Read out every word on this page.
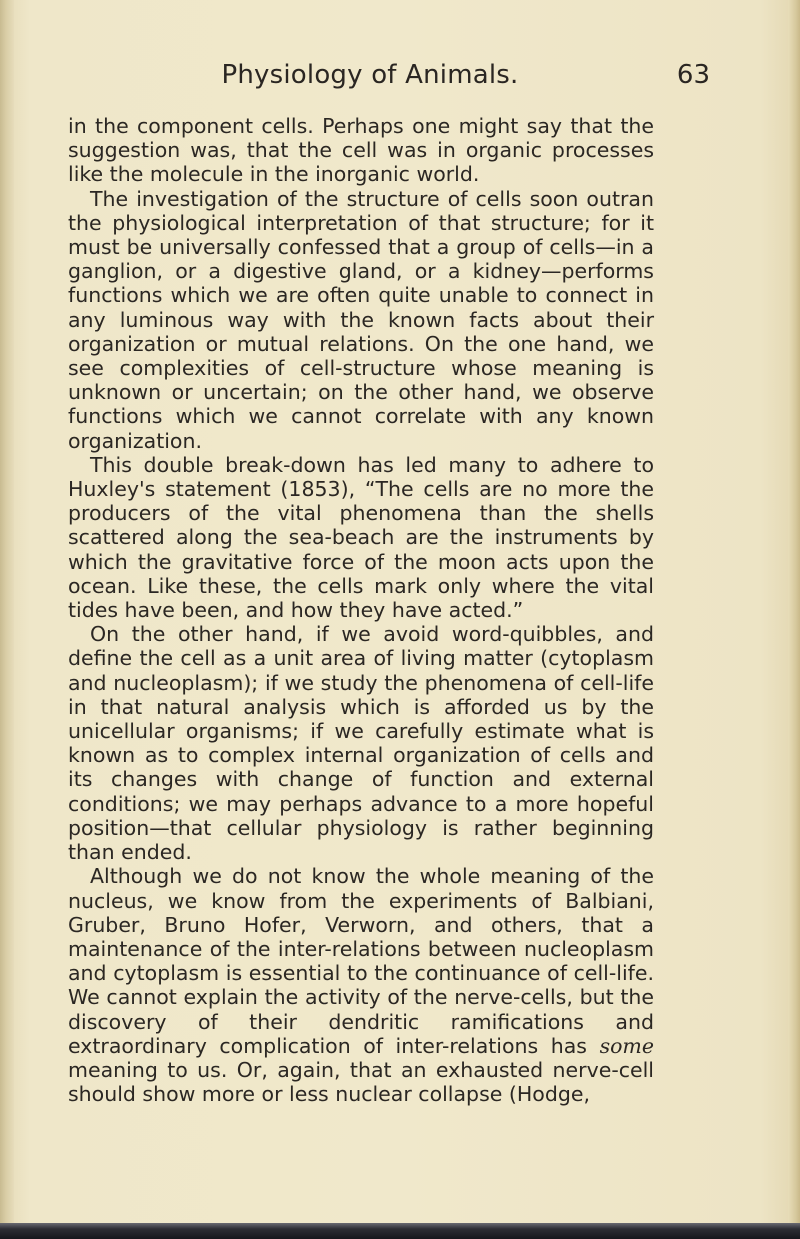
Physiology of Animals.	63

in the component cells. Perhaps one might say that the suggestion was, that the cell was in organic processes like the molecule in the inorganic world.

The investigation of the structure of cells soon outran the physiological interpretation of that structure; for it must be universally confessed that a group of cells—in a ganglion, or a digestive gland, or a kidney—performs functions which we are often quite unable to connect in any luminous way with the known facts about their organization or mutual relations. On the one hand, we see complexities of cell-structure whose meaning is unknown or uncertain; on the other hand, we observe functions which we cannot correlate with any known organization.

This double break-down has led many to adhere to Huxley's statement (1853), “The cells are no more the producers of the vital phenomena than the shells scattered along the sea-beach are the instruments by which the gravitative force of the moon acts upon the ocean. Like these, the cells mark only where the vital tides have been, and how they have acted.”

On the other hand, if we avoid word-quibbles, and define the cell as a unit area of living matter (cytoplasm and nucleoplasm); if we study the phenomena of cell-life in that natural analysis which is afforded us by the unicellular organisms; if we carefully estimate what is known as to complex internal organization of cells and its changes with change of function and external conditions; we may perhaps advance to a more hopeful position—that cellular physiology is rather beginning than ended.

Although we do not know the whole meaning of the nucleus, we know from the experiments of Balbiani, Gruber, Bruno Hofer, Verworn, and others, that a maintenance of the inter-relations between nucleoplasm and cytoplasm is essential to the continuance of cell-life. We cannot explain the activity of the nerve-cells, but the discovery of their dendritic ramifications and extraordinary complication of inter-relations has some meaning to us. Or, again, that an exhausted nerve-cell should show more or less nuclear collapse (Hodge,
